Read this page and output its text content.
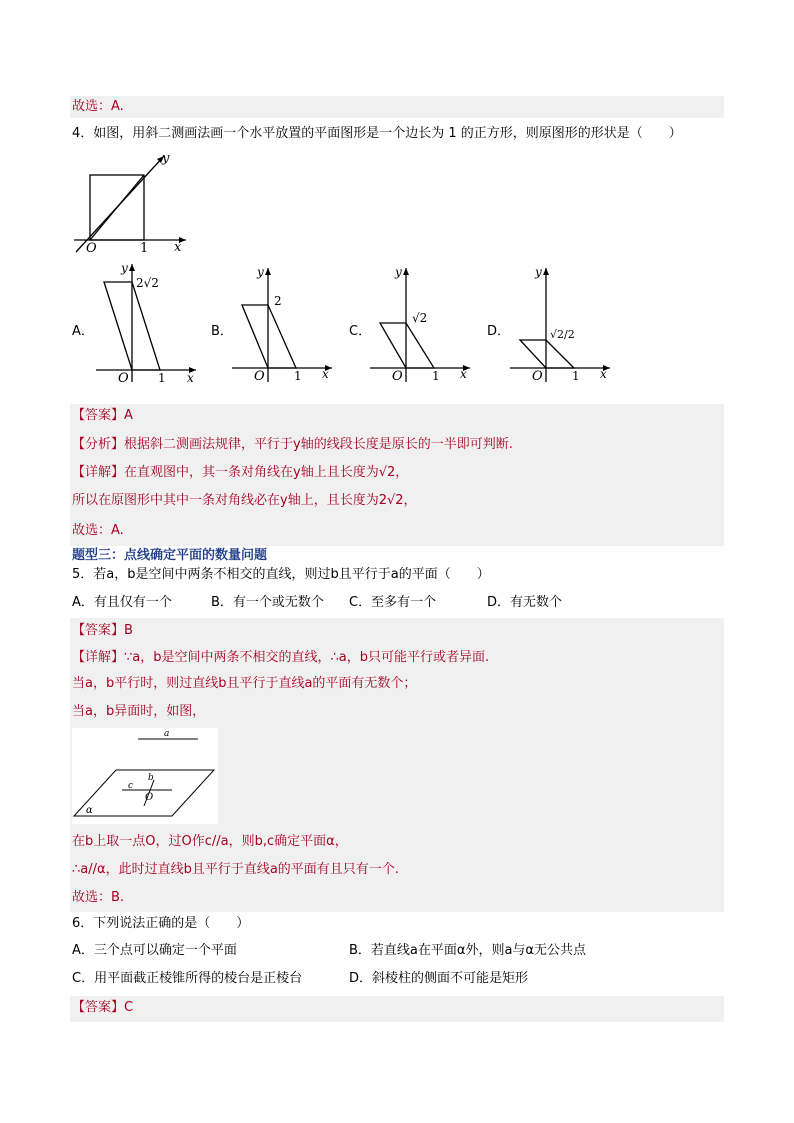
故选：A.
4．如图，用斜二测画法画一个水平放置的平面图形是一个边长为 1 的正方形，则原图形的形状是（　　）
y
x
O	1
A．
y
2√2
O 1 x
B．
y
2
O 1 x
C．
y
√2
O 1 x
D．
y
√2/2
O 1 x
【答案】A
【分析】根据斜二测画法规律，平行于y轴的线段长度是原长的一半即可判断.
【详解】在直观图中，其一条对角线在y轴上且长度为√2，
所以在原图形中其中一条对角线必在y轴上，且长度为2√2，
故选：A.
题型三：点线确定平面的数量问题
5．若a，b是空间中两条不相交的直线，则过b且平行于a的平面（　　）
A．有且仅有一个	B．有一个或无数个 C．至多有一个	D．有无数个
【答案】B
【详解】∵a，b是空间中两条不相交的直线，∴a，b只可能平行或者异面.
当a，b平行时，则过直线b且平行于直线a的平面有无数个；
当a，b异面时，如图，
a
c
b
O
α
在b上取一点O，过O作c//a，则b,c确定平面α，
∴a//α，此时过直线b且平行于直线a的平面有且只有一个.
故选：B.
6．下列说法正确的是（　　）
A．三个点可以确定一个平面	B．若直线a在平面α外，则a与α无公共点
C．用平面截正棱锥所得的棱台是正棱台	D．斜棱柱的侧面不可能是矩形
【答案】C
